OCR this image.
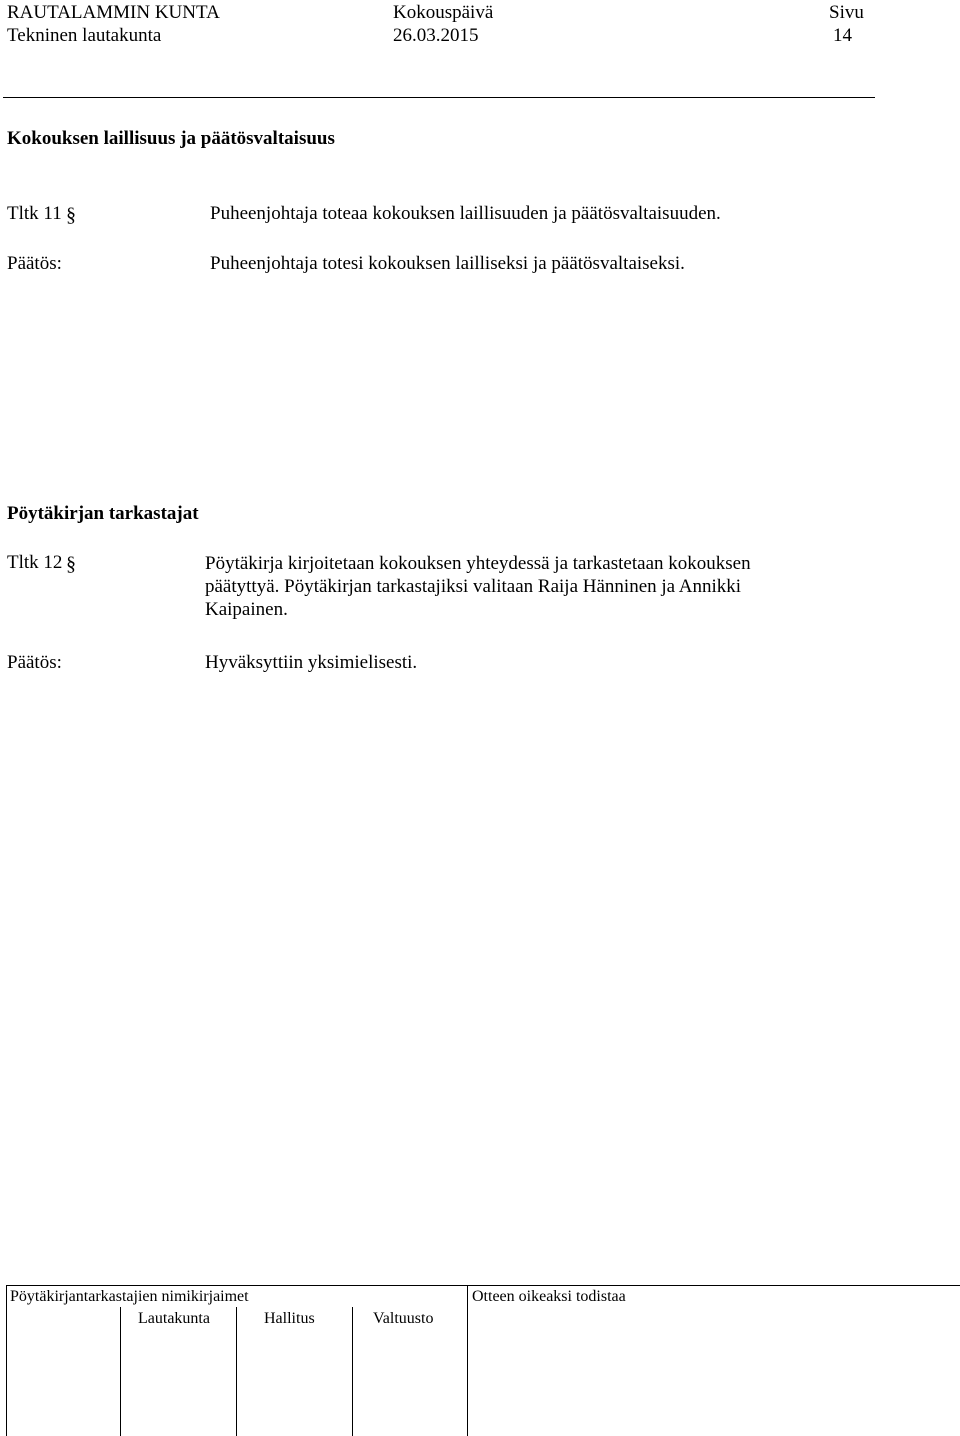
RAUTALAMMIN KUNTA
Tekninen lautakunta
Kokouspäivä
26.03.2015
Sivu
14
Kokouksen laillisuus ja päätösvaltaisuus
Tltk 11 §	Puheenjohtaja toteaa kokouksen laillisuuden ja päätösvaltaisuuden.
Päätös:	Puheenjohtaja totesi kokouksen lailliseksi ja päätösvaltaiseksi.
Pöytäkirjan tarkastajat
Tltk 12 §	Pöytäkirja kirjoitetaan kokouksen yhteydessä ja tarkastetaan kokouksen
päätyttyä. Pöytäkirjan tarkastajiksi valitaan Raija Hänninen ja Annikki
Kaipainen.
Päätös:	Hyväksyttiin yksimielisesti.
Pöytäkirjantarkastajien nimikirjaimet
Lautakunta	Hallitus	Valtuusto
Otteen oikeaksi todistaa
